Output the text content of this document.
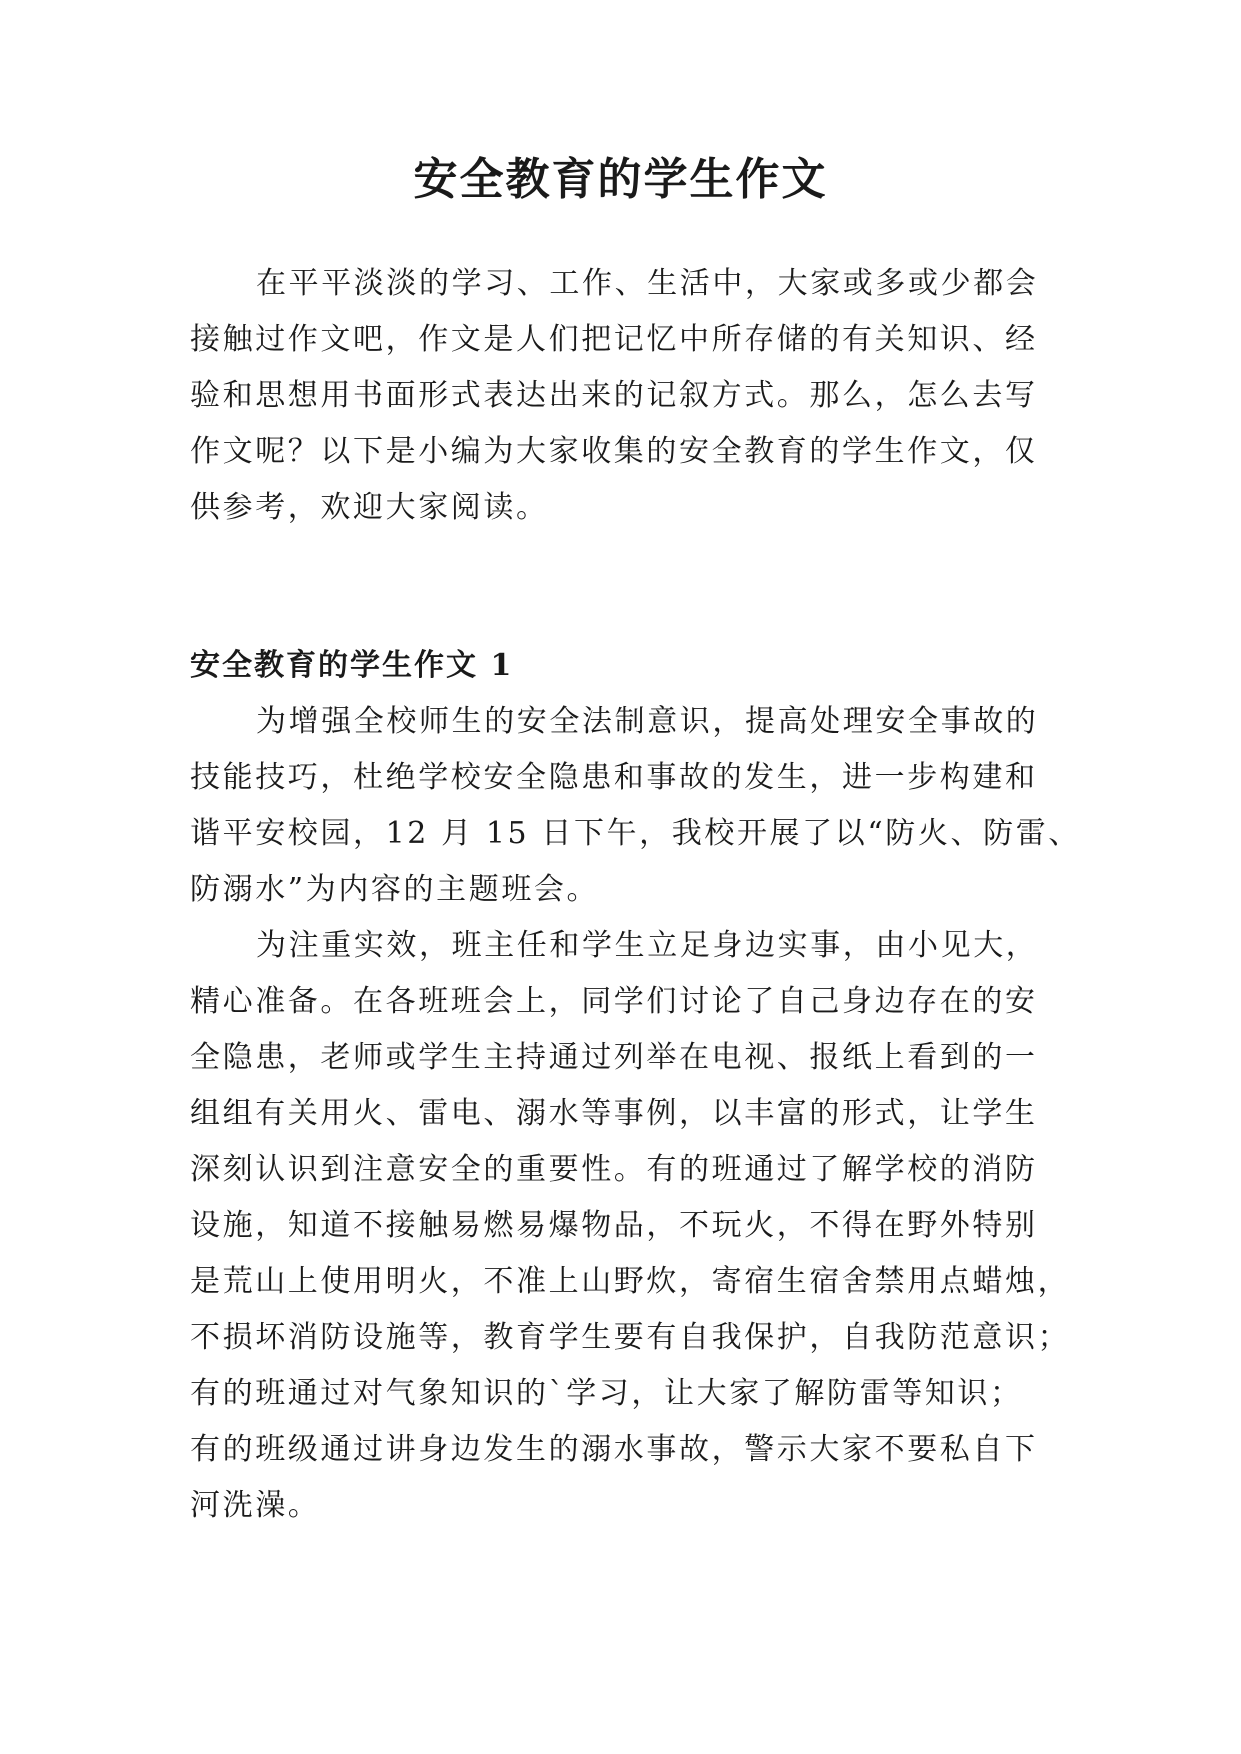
安全教育的学生作文
在平平淡淡的学习、工作、生活中，大家或多或少都会
接触过作文吧，作文是人们把记忆中所存储的有关知识、经
验和思想用书面形式表达出来的记叙方式。那么，怎么去写
作文呢？以下是小编为大家收集的安全教育的学生作文，仅
供参考，欢迎大家阅读。
安全教育的学生作文 1
为增强全校师生的安全法制意识，提高处理安全事故的
技能技巧，杜绝学校安全隐患和事故的发生，进一步构建和
谐平安校园，12 月 15 日下午，我校开展了以“防火、防雷、
防溺水”为内容的主题班会。
为注重实效，班主任和学生立足身边实事，由小见大，
精心准备。在各班班会上，同学们讨论了自己身边存在的安
全隐患，老师或学生主持通过列举在电视、报纸上看到的一
组组有关用火、雷电、溺水等事例，以丰富的形式，让学生
深刻认识到注意安全的重要性。有的班通过了解学校的消防
设施，知道不接触易燃易爆物品，不玩火，不得在野外特别
是荒山上使用明火，不准上山野炊，寄宿生宿舍禁用点蜡烛，
不损坏消防设施等，教育学生要有自我保护，自我防范意识；
有的班通过对气象知识的`学习，让大家了解防雷等知识；
有的班级通过讲身边发生的溺水事故，警示大家不要私自下
河洗澡。
